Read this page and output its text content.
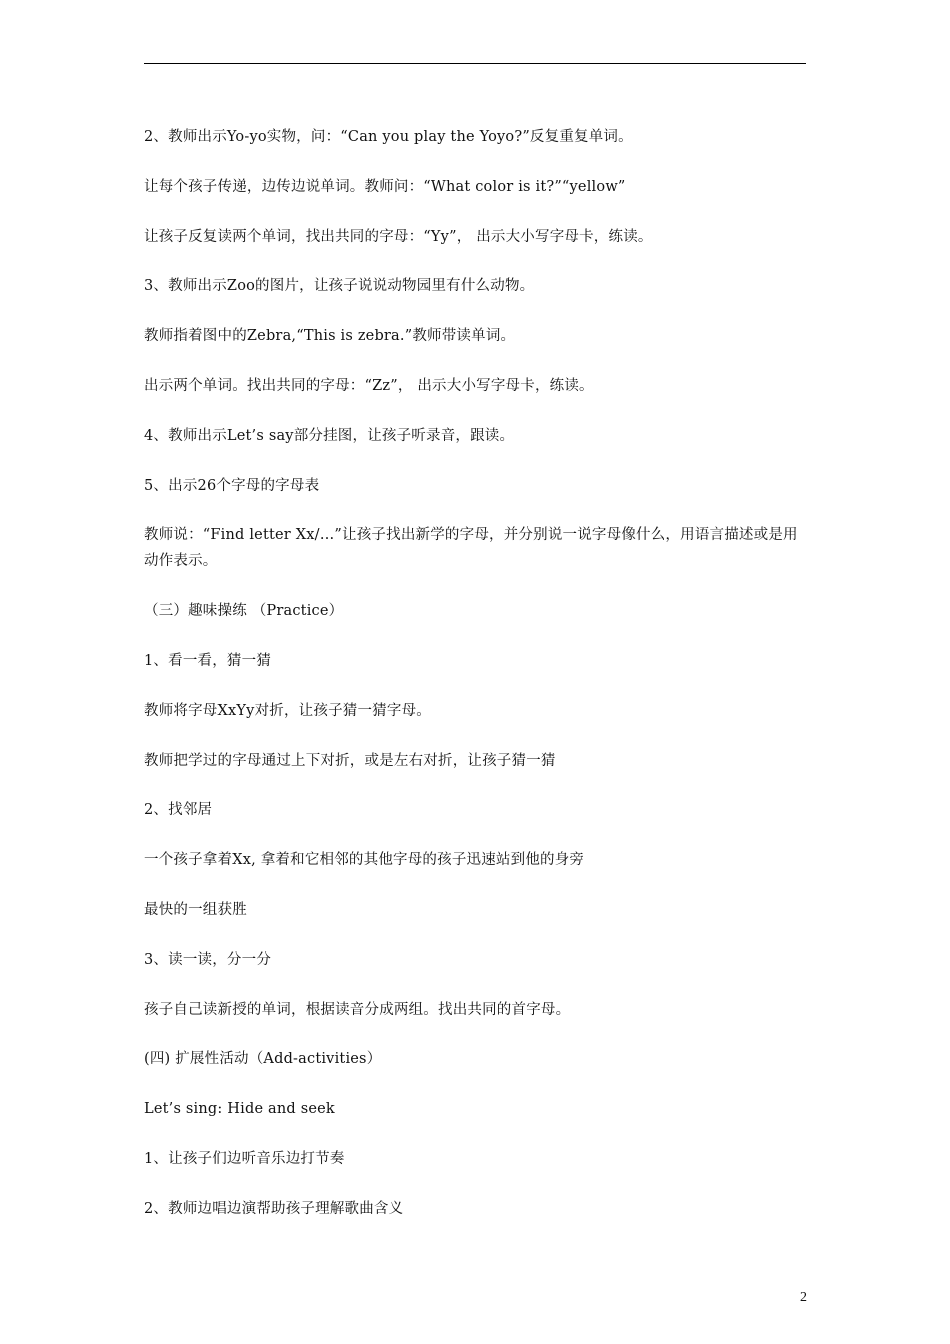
2、教师出示Yo-yo实物，问：“Can you play the Yoyo?”反复重复单词。

让每个孩子传递，边传边说单词。教师问：“What color is it?”“yellow”

让孩子反复读两个单词，找出共同的字母：“Yy”， 出示大小写字母卡，练读。

3、教师出示Zoo的图片，让孩子说说动物园里有什么动物。

教师指着图中的Zebra,“This is zebra.”教师带读单词。

出示两个单词。找出共同的字母：“Zz”， 出示大小写字母卡，练读。

4、教师出示Let’s say部分挂图，让孩子听录音，跟读。

5、出示26个字母的字母表

教师说：“Find letter Xx/…”让孩子找出新学的字母，并分别说一说字母像什么，用语言描述或是用动作表示。

（三）趣味操练 （Practice）

1、看一看，猜一猜

教师将字母XxYy对折，让孩子猜一猜字母。

教师把学过的字母通过上下对折，或是左右对折，让孩子猜一猜

2、找邻居

一个孩子拿着Xx, 拿着和它相邻的其他字母的孩子迅速站到他的身旁

最快的一组获胜

3、读一读，分一分

孩子自己读新授的单词，根据读音分成两组。找出共同的首字母。

(四) 扩展性活动（Add-activities）

Let’s sing: Hide and seek

1、让孩子们边听音乐边打节奏

2、教师边唱边演帮助孩子理解歌曲含义

2
